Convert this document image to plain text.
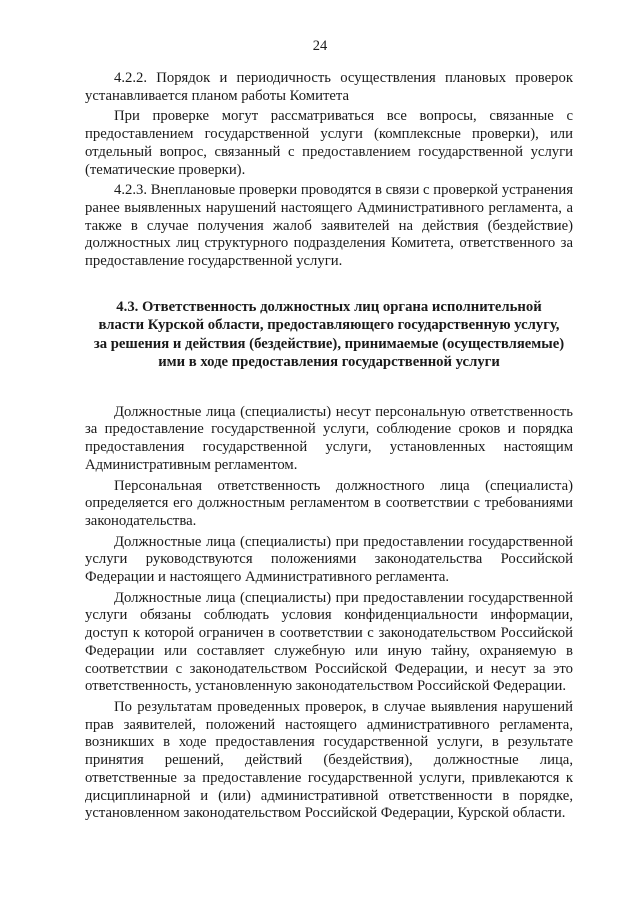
24

4.2.2. Порядок и периодичность осуществления плановых проверок устанавливается планом работы Комитета

При проверке могут рассматриваться все вопросы, связанные с предоставлением государственной услуги (комплексные проверки), или отдельный вопрос, связанный с предоставлением государственной услуги (тематические проверки).

4.2.3. Внеплановые проверки проводятся в связи с проверкой устранения ранее выявленных нарушений настоящего Административного регламента, а также в случае получения жалоб заявителей на действия (бездействие) должностных лиц структурного подразделения Комитета, ответственного за предоставление государственной услуги.

4.3. Ответственность должностных лиц органа исполнительной власти Курской области, предоставляющего государственную услугу, за решения и действия (бездействие), принимаемые (осуществляемые) ими в ходе предоставления государственной услуги

Должностные лица (специалисты) несут персональную ответственность за предоставление государственной услуги, соблюдение сроков и порядка предоставления государственной услуги, установленных настоящим Административным регламентом.

Персональная ответственность должностного лица (специалиста) определяется его должностным регламентом в соответствии с требованиями законодательства.

Должностные лица (специалисты) при предоставлении государственной услуги руководствуются положениями законодательства Российской Федерации и настоящего Административного регламента.

Должностные лица (специалисты) при предоставлении государственной услуги обязаны соблюдать условия конфиденциальности информации, доступ к которой ограничен в соответствии с законодательством Российской Федерации или составляет служебную или иную тайну, охраняемую в соответствии с законодательством Российской Федерации, и несут за это ответственность, установленную законодательством Российской Федерации.

По результатам проведенных проверок, в случае выявления нарушений прав заявителей, положений настоящего административного регламента, возникших в ходе предоставления государственной услуги, в результате принятия решений, действий (бездействия), должностные лица, ответственные за предоставление государственной услуги, привлекаются к дисциплинарной и (или) административной ответственности в порядке, установленном законодательством Российской Федерации, Курской области.
